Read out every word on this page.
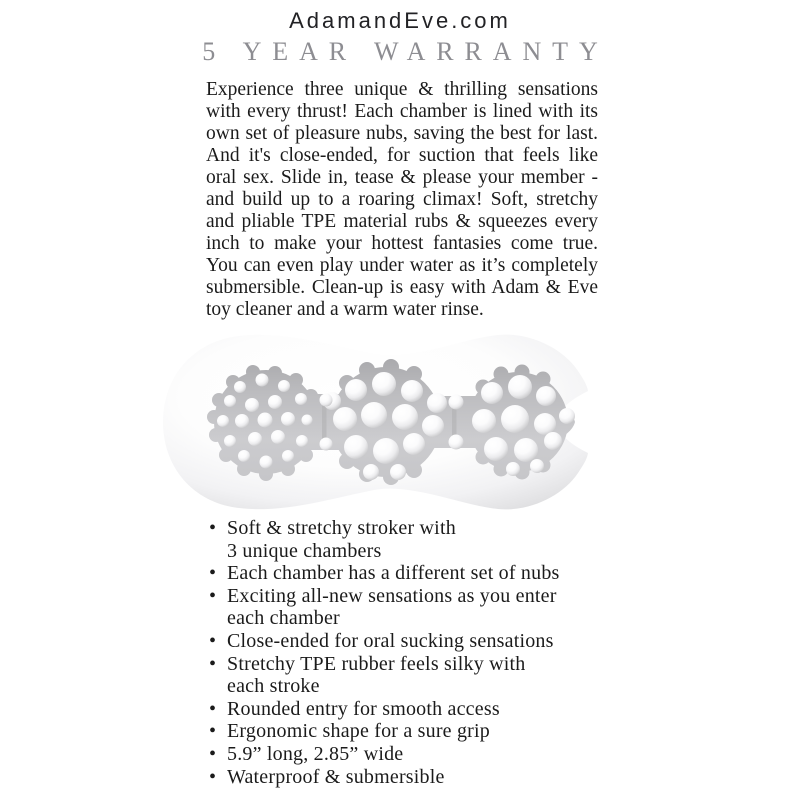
AdamandEve.com
5 YEAR WARRANTY
Experience three unique & thrilling sensations with every thrust! Each chamber is lined with its own set of pleasure nubs, saving the best for last. And it's close-ended, for suction that feels like oral sex. Slide in, tease & please your member - and build up to a roaring climax! Soft, stretchy and pliable TPE material rubs & squeezes every inch to make your hottest fantasies come true. You can even play under water as it’s completely submersible. Clean-up is easy with Adam & Eve toy cleaner and a warm water rinse.
• Soft & stretchy stroker with
3 unique chambers
• Each chamber has a different set of nubs
• Exciting all-new sensations as you enter
each chamber
• Close-ended for oral sucking sensations
• Stretchy TPE rubber feels silky with
each stroke
• Rounded entry for smooth access
• Ergonomic shape for a sure grip
• 5.9” long, 2.85” wide
• Waterproof & submersible
